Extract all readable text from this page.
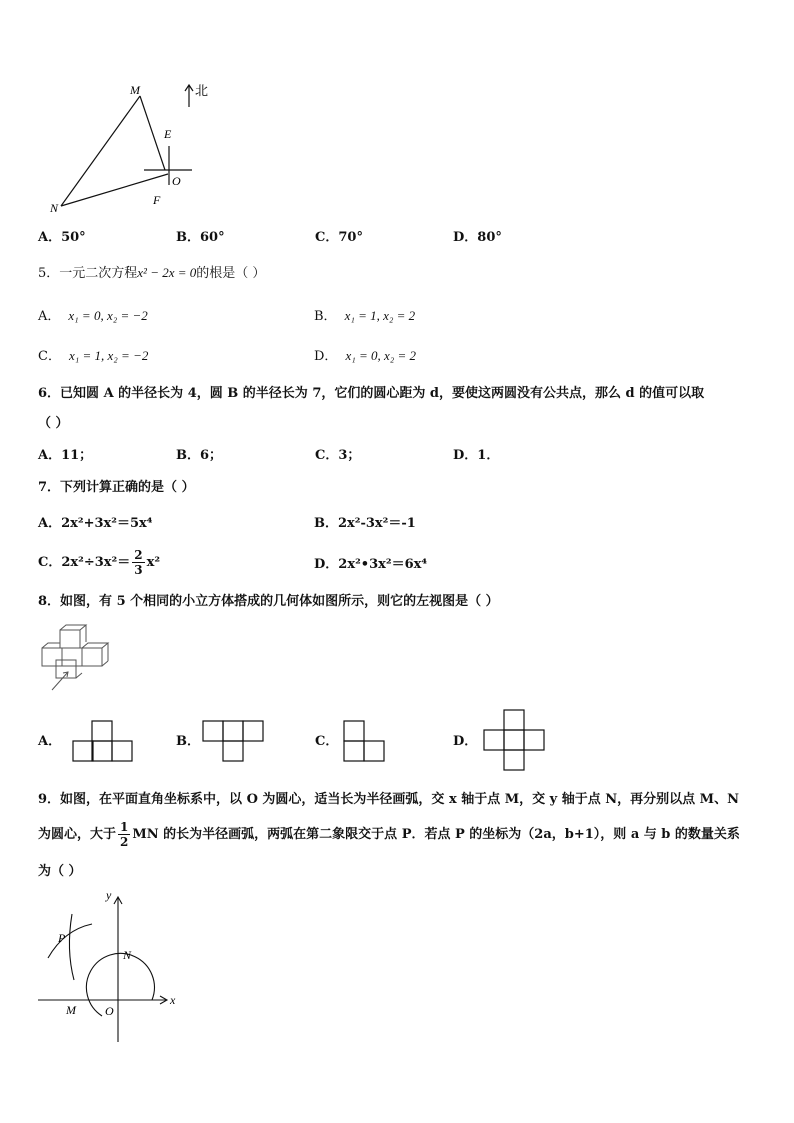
北
M
E
O
N
F
A．50°	B．60°	C．70°	D．80°
5．一元二次方程x² − 2x = 0的根是（ ）
A． x₁ = 0, x₂ = −2	B． x₁ = 1, x₂ = 2
C． x₁ = 1, x₂ = −2	D． x₁ = 0, x₂ = 2
6．已知圆 A 的半径长为 4，圆 B 的半径长为 7，它们的圆心距为 d，要使这两圆没有公共点，那么 d 的值可以取
（ ）
A．11；	B．6；	C．3；	D．1．
7．下列计算正确的是（ ）
A．2x²+3x²＝5x⁴	B．2x²-3x²＝-1
C．$2x^2\div 3x^2= \frac{2}{3} x^2$	D．2x²•3x²＝6x⁴
8．如图，有 5 个相同的小立方体搭成的几何体如图所示，则它的左视图是（ ）
A．	B．	C．	D．
9．如图，在平面直角坐标系中，以 O 为圆心，适当长为半径画弧，交 x 轴于点 M，交 y 轴于点 N，再分别以点 M、N
为圆心，大于 $\frac{1}{2}$ MN 的长为半径画弧，两弧在第二象限交于点 P．若点 P 的坐标为（2a，b+1），则 a 与 b 的数量关系
为（ ）
y
x
P
N
M O
